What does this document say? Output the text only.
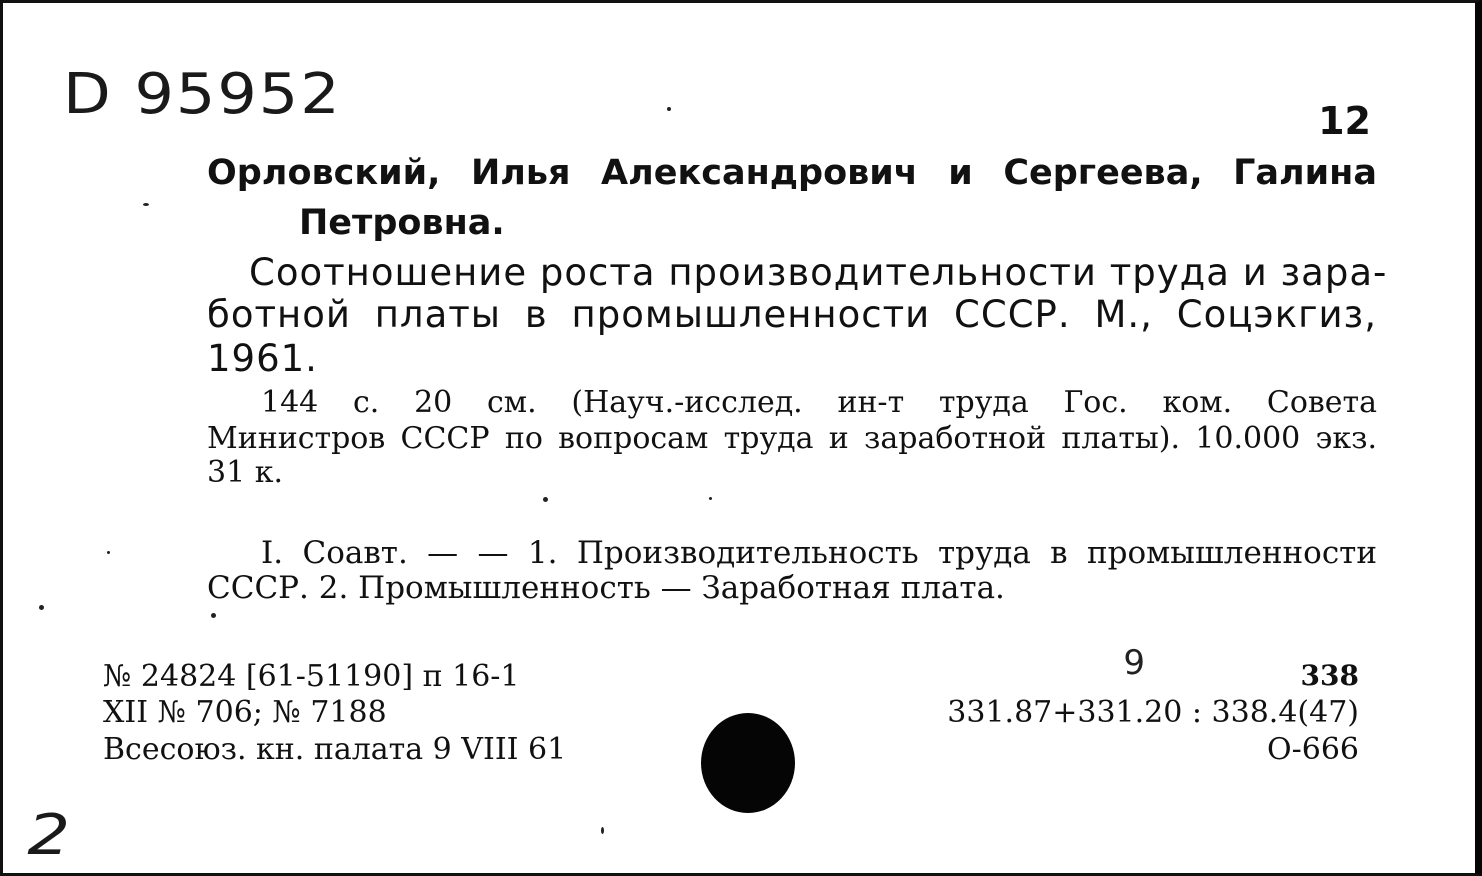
D 95952	12
Орловский, Илья Александрович и Сергеева, Галина
Петровна.
Соотношение роста производительности труда и зара-
ботной платы в промышленности СССР. М., Соцэкгиз,
1961.
144 с. 20 см. (Науч.-исслед. ин-т труда Гос. ком. Совета
Министров СССР по вопросам труда и заработной платы). 10.000 экз.
31 к.
I. Соавт. — — 1. Производительность труда в промышленности
СССР. 2. Промышленность — Заработная плата.
№ 24824 [61-51190] п 16-1
XII № 706; № 7188
Всесоюз. кн. палата 9 VIII 61
9	338
331.87+331.20 : 338.4(47)
О-666
2
